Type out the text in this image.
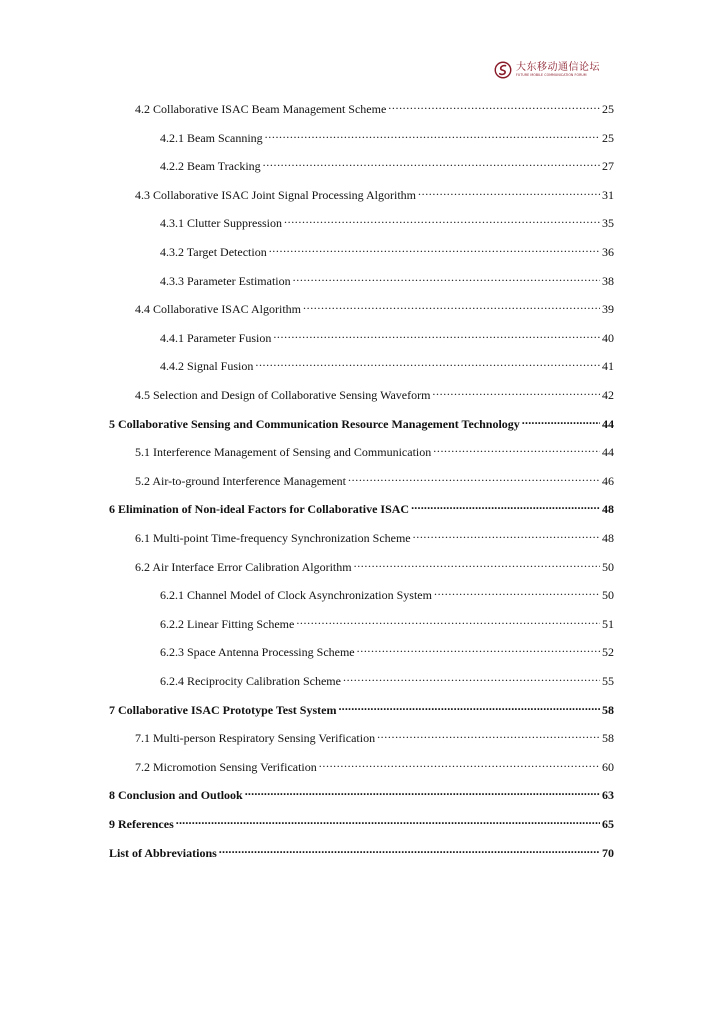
大东移动通信论坛
FUTURE MOBILE COMMUNICATION FORUM
4.2 Collaborative ISAC Beam Management Scheme .....	25
4.2.1 Beam Scanning .....	25
4.2.2 Beam Tracking .....	27
4.3 Collaborative ISAC Joint Signal Processing Algorithm .....	31
4.3.1 Clutter Suppression .....	35
4.3.2 Target Detection .....	36
4.3.3 Parameter Estimation .....	38
4.4 Collaborative ISAC Algorithm .....	39
4.4.1 Parameter Fusion .....	40
4.4.2 Signal Fusion .....	41
4.5 Selection and Design of Collaborative Sensing Waveform .....	42
5 Collaborative Sensing and Communication Resource Management Technology .....	44
5.1 Interference Management of Sensing and Communication .....	44
5.2 Air-to-ground Interference Management .....	46
6 Elimination of Non-ideal Factors for Collaborative ISAC .....	48
6.1 Multi-point Time-frequency Synchronization Scheme .....	48
6.2 Air Interface Error Calibration Algorithm .....	50
6.2.1 Channel Model of Clock Asynchronization System .....	50
6.2.2 Linear Fitting Scheme .....	51
6.2.3 Space Antenna Processing Scheme .....	52
6.2.4 Reciprocity Calibration Scheme .....	55
7 Collaborative ISAC Prototype Test System .....	58
7.1 Multi-person Respiratory Sensing Verification .....	58
7.2 Micromotion Sensing Verification .....	60
8 Conclusion and Outlook .....	63
9 References .....	65
List of Abbreviations .....	70
